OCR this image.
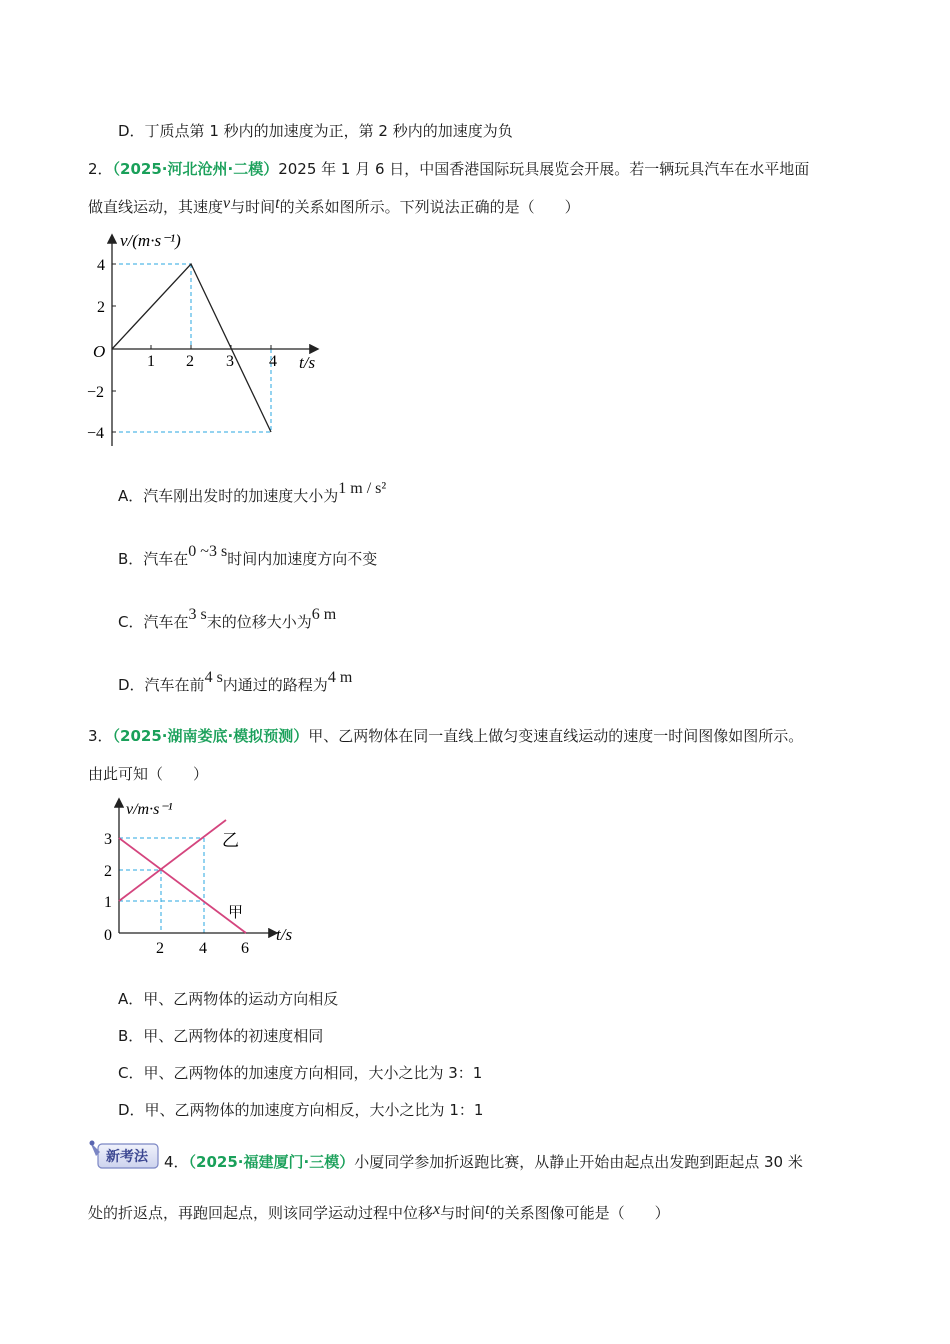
D．丁质点第 1 秒内的加速度为正，第 2 秒内的加速度为负
2．（2025·河北沧州·二模）2025 年 1 月 6 日，中国香港国际玩具展览会开展。若一辆玩具汽车在水平地面
做直线运动，其速度v与时间t的关系如图所示。下列说法正确的是（　　）
v/(m·s⁻¹)
t/s
O
1 2 3 4
4
2
−2
−4
A．汽车刚出发时的加速度大小为1 m / s²
B．汽车在0 ~3 s时间内加速度方向不变
C．汽车在3 s末的位移大小为6 m
D．汽车在前4 s内通过的路程为4 m
3．（2025·湖南娄底·模拟预测）甲、乙两物体在同一直线上做匀变速直线运动的速度一时间图像如图所示。
由此可知（　　）
v/m·s⁻¹
t/s
0
2 4 6
3
2
1
乙
甲
A．甲、乙两物体的运动方向相反
B．甲、乙两物体的初速度相同
C．甲、乙两物体的加速度方向相同，大小之比为 3：1
D．甲、乙两物体的加速度方向相反，大小之比为 1：1
新考法 4．（2025·福建厦门·三模）小厦同学参加折返跑比赛，从静止开始由起点出发跑到距起点 30 米
处的折返点，再跑回起点，则该同学运动过程中位移x与时间t的关系图像可能是（　　）
